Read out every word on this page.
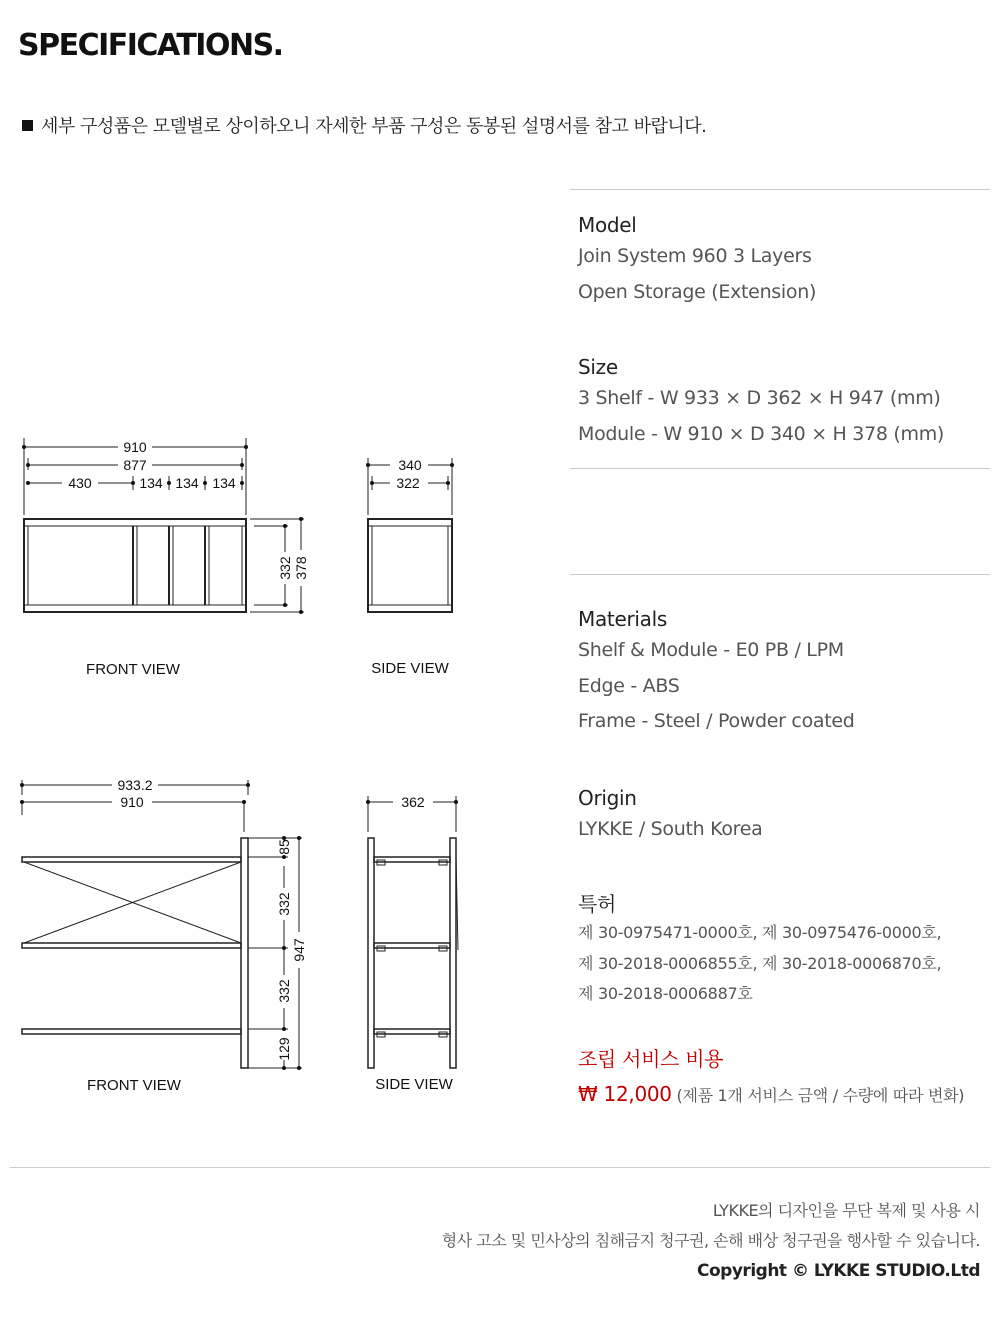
SPECIFICATIONS.
세부 구성품은 모델별로 상이하오니 자세한 부품 구성은 동봉된 설명서를 참고 바랍니다.
910
877
430	134 134 134
332 378
340
322
933.2
910
85
332
332
129
947
362
FRONT VIEW	SIDE VIEW
FRONT VIEW	SIDE VIEW

Model

Join System 960 3 Layers

Open Storage (Extension)

Size

3 Shelf - W 933 × D 362 × H 947 (mm)

Module - W 910 × D 340 × H 378 (mm)

Materials

Shelf & Module - E0 PB / LPM

Edge - ABS

Frame - Steel / Powder coated

Origin

LYKKE / South Korea

특허

제 30-0975471-0000호, 제 30-0975476-0000호,

제 30-2018-0006855호, 제 30-2018-0006870호,

제 30-2018-0006887호

조립 서비스 비용

₩ 12,000 (제품 1개 서비스 금액 / 수량에 따라 변화)

LYKKE의 디자인을 무단 복제 및 사용 시
형사 고소 및 민사상의 침해금지 청구권, 손해 배상 청구권을 행사할 수 있습니다.
Copyright © LYKKE STUDIO.Ltd
